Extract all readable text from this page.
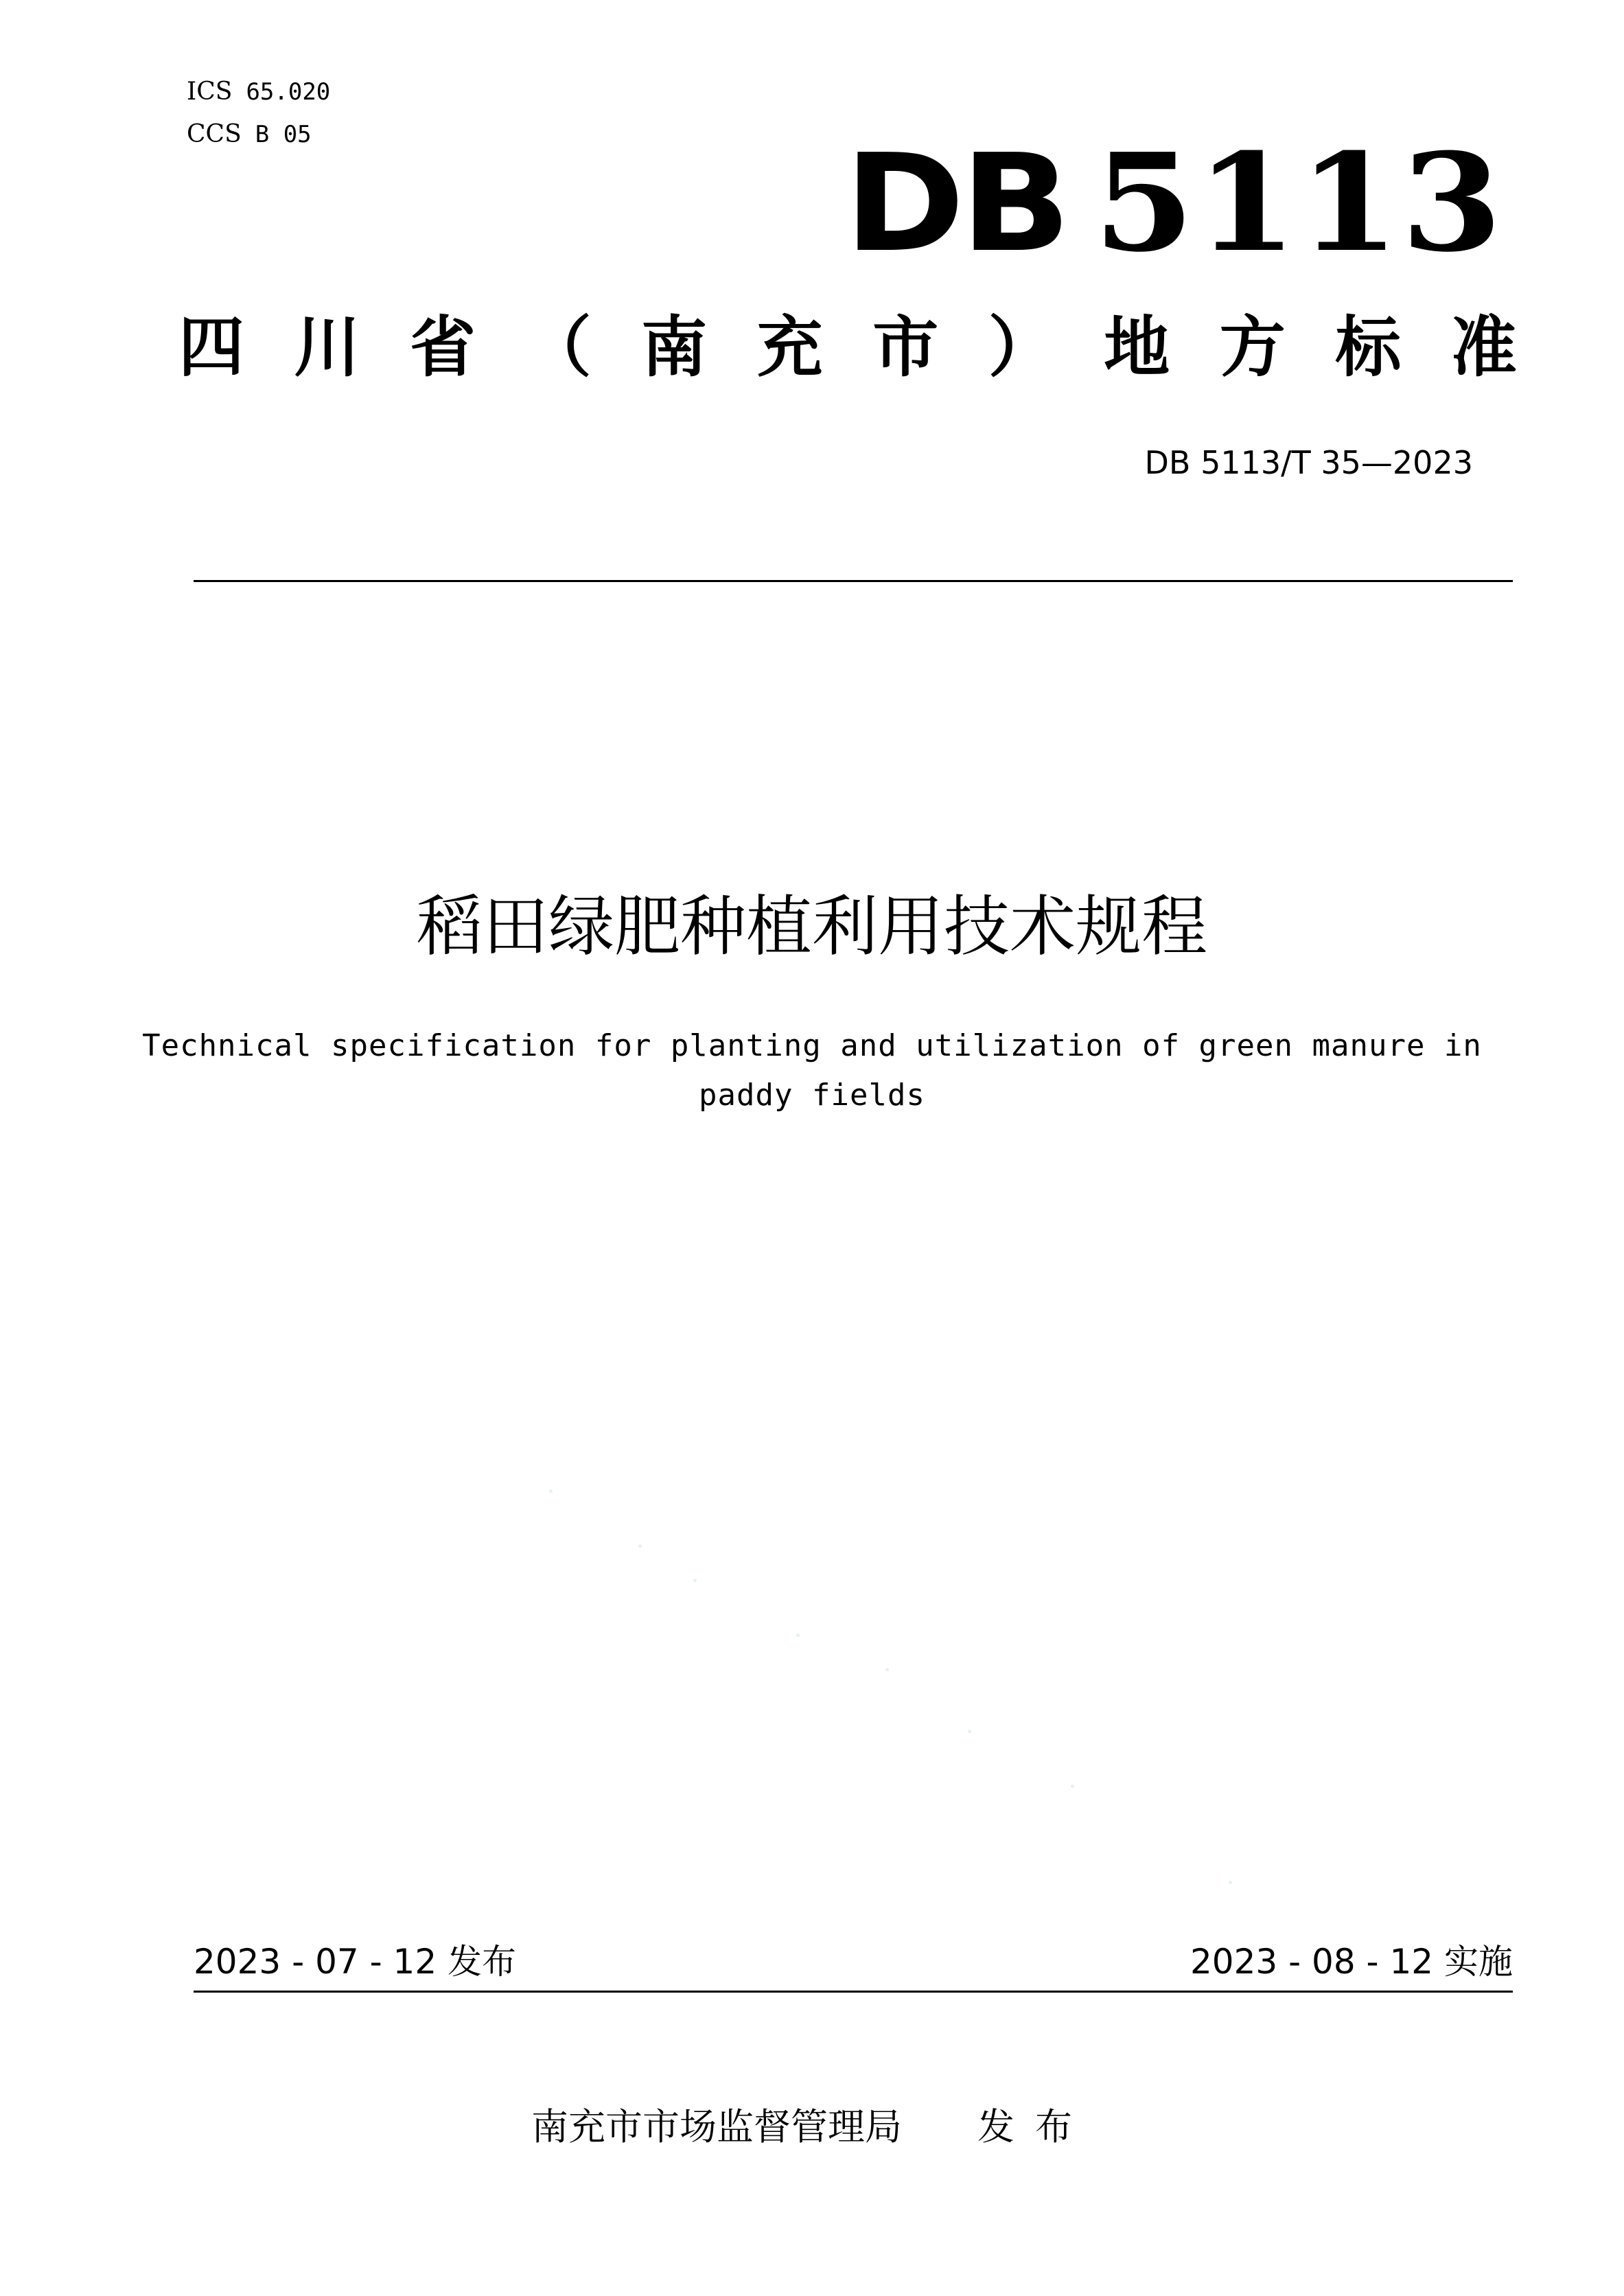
ICS 65.020
CCS B 05	DB 5113
四 川 省 （ 南 充 市 ） 地 方 标 准
DB 5113/T 35—2023
稻田绿肥种植利用技术规程
Technical specification for planting and utilization of green manure in paddy fields
2023 - 07 - 12 发布	2023 - 08 - 12 实施
南充市市场监督管理局 发布
